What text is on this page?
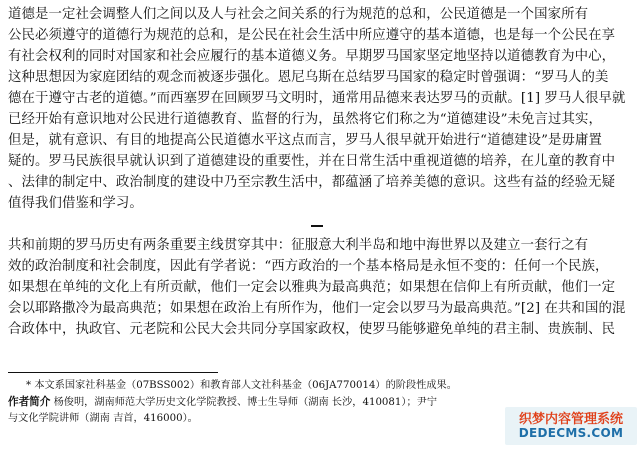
道德是一定社会调整人们之间以及人与社会之间关系的行为规范的总和，公民道德是一个国家所有
公民必须遵守的道德行为规范的总和，是公民在社会生活中所应遵守的基本道德，也是每一个公民在享
有社会权利的同时对国家和社会应履行的基本道德义务。早期罗马国家坚定地坚持以道德教育为中心，
这种思想因为家庭团结的观念而被逐步强化。恩尼乌斯在总结罗马国家的稳定时曾强调：“罗马人的美
德在于遵守古老的道德。”而西塞罗在回顾罗马文明时，通常用品德来表达罗马的贡献。[1] 罗马人很早就
已经开始有意识地对公民进行道德教育、监督的行为，虽然将它们称之为“道德建设”未免言过其实，
但是，就有意识、有目的地提高公民道德水平这点而言，罗马人很早就开始进行“道德建设”是毋庸置
疑的。罗马民族很早就认识到了道德建设的重要性，并在日常生活中重视道德的培养，在儿童的教育中
、法律的制定中、政治制度的建设中乃至宗教生活中，都蕴涵了培养美德的意识。这些有益的经验无疑
值得我们借鉴和学习。
共和前期的罗马历史有两条重要主线贯穿其中：征服意大利半岛和地中海世界以及建立一套行之有
效的政治制度和社会制度，因此有学者说：“西方政治的一个基本格局是永恒不变的：任何一个民族，
如果想在单纯的文化上有所贡献，他们一定会以雅典为最高典范；如果想在信仰上有所贡献，他们一定
会以耶路撒冷为最高典范；如果想在政治上有所作为，他们一定会以罗马为最高典范。”[2] 在共和国的混
合政体中，执政官、元老院和公民大会共同分享国家政权，使罗马能够避免单纯的君主制、贵族制、民
* 本文系国家社科基金（07BSS002）和教育部人文社科基金（06JA770014）的阶段性成果。
作者简介 杨俊明，湖南师范大学历史文化学院教授、博士生导师（湖南 长沙，410081）；尹宁
与文化学院讲师（湖南 吉首，416000）。	织梦内容管理系统
DEDECMS.COM
